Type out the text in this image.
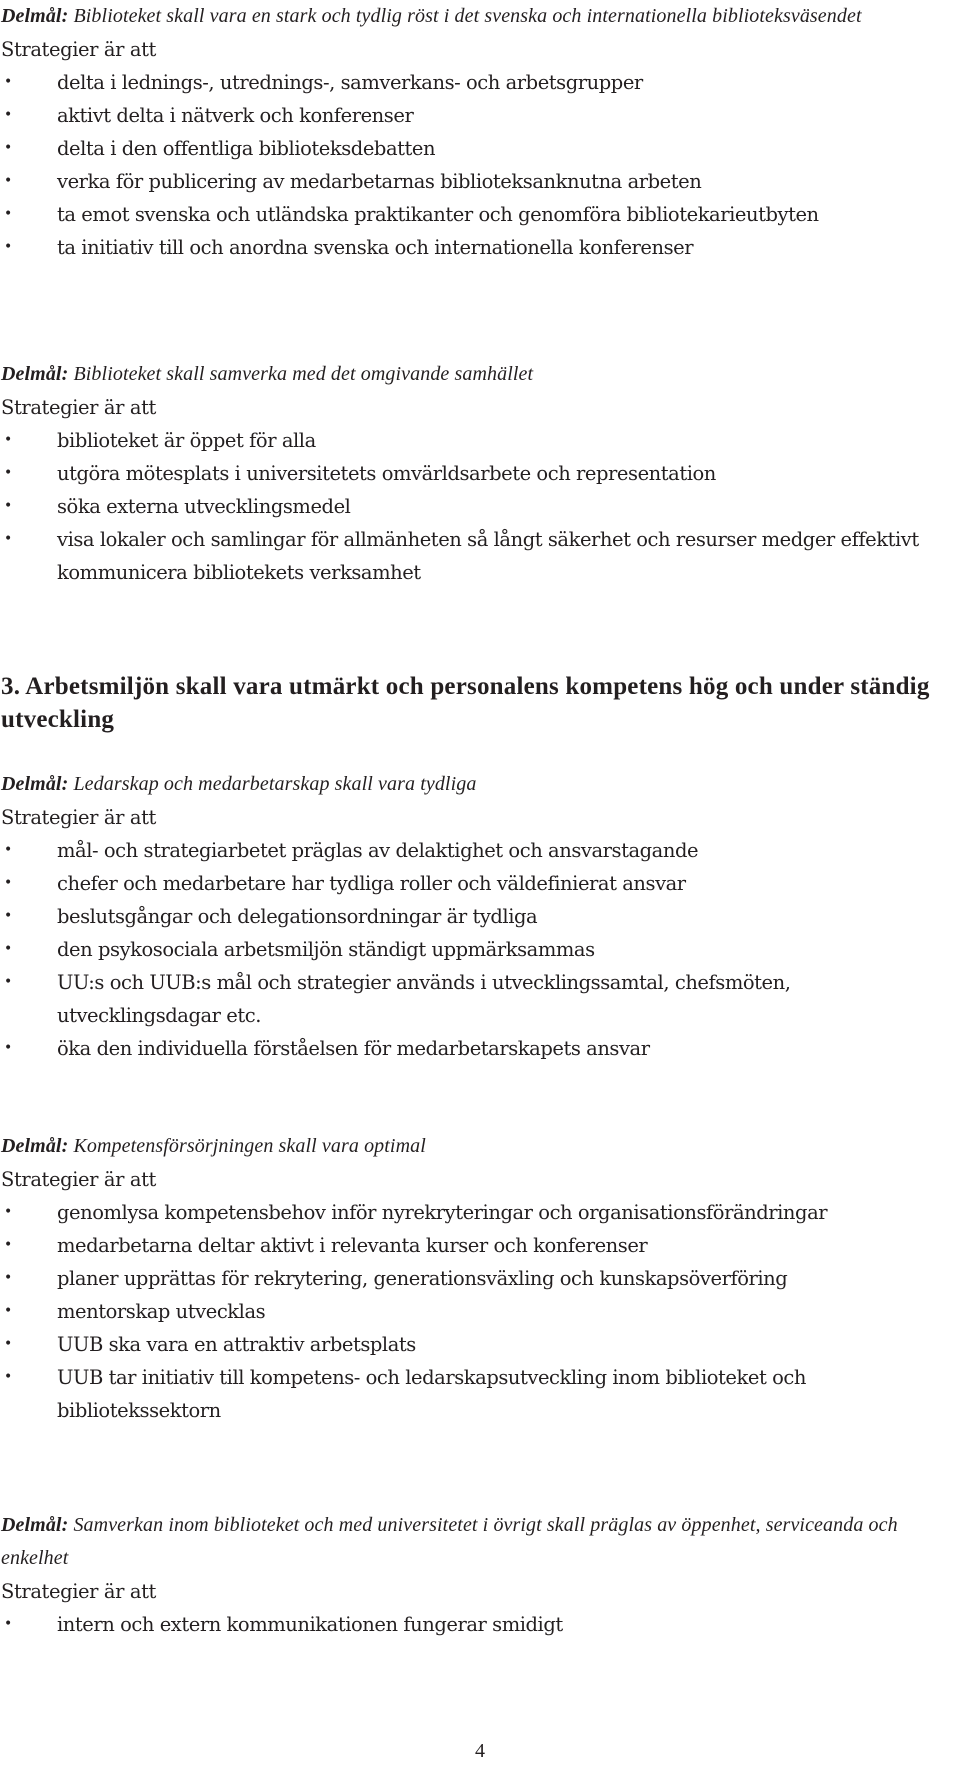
Delmål: Biblioteket skall vara en stark och tydlig röst i det svenska och internationella biblioteksväsendet

Strategier är att

• delta i lednings-, utrednings-, samverkans- och arbetsgrupper
• aktivt delta i nätverk och konferenser
• delta i den offentliga biblioteksdebatten
• verka för publicering av medarbetarnas biblioteksanknutna arbeten
• ta emot svenska och utländska praktikanter och genomföra bibliotekarieutbyten
• ta initiativ till och anordna svenska och internationella konferenser

Delmål: Biblioteket skall samverka med det omgivande samhället

Strategier är att

• biblioteket är öppet för alla
• utgöra mötesplats i universitetets omvärldsarbete och representation
• söka externa utvecklingsmedel
• visa lokaler och samlingar för allmänheten så långt säkerhet och resurser medger effektivt kommunicera bibliotekets verksamhet
3. Arbetsmiljön skall vara utmärkt och personalens kompetens hög och under ständig utveckling

Delmål: Ledarskap och medarbetarskap skall vara tydliga

Strategier är att

• mål- och strategiarbetet präglas av delaktighet och ansvarstagande
• chefer och medarbetare har tydliga roller och väldefinierat ansvar
• beslutsgångar och delegationsordningar är tydliga
• den psykosociala arbetsmiljön ständigt uppmärksammas
• UU:s och UUB:s mål och strategier används i utvecklingssamtal, chefsmöten, utvecklingsdagar etc.
• öka den individuella förståelsen för medarbetarskapets ansvar

Delmål: Kompetensförsörjningen skall vara optimal

Strategier är att

• genomlysa kompetensbehov inför nyrekryteringar och organisationsförändringar
• medarbetarna deltar aktivt i relevanta kurser och konferenser
• planer upprättas för rekrytering, generationsväxling och kunskapsöverföring
• mentorskap utvecklas
• UUB ska vara en attraktiv arbetsplats
• UUB tar initiativ till kompetens- och ledarskapsutveckling inom biblioteket och bibliotekssektorn

Delmål: Samverkan inom biblioteket och med universitetet i övrigt skall präglas av öppenhet, serviceanda och enkelhet

Strategier är att

• intern och extern kommunikationen fungerar smidigt
4
